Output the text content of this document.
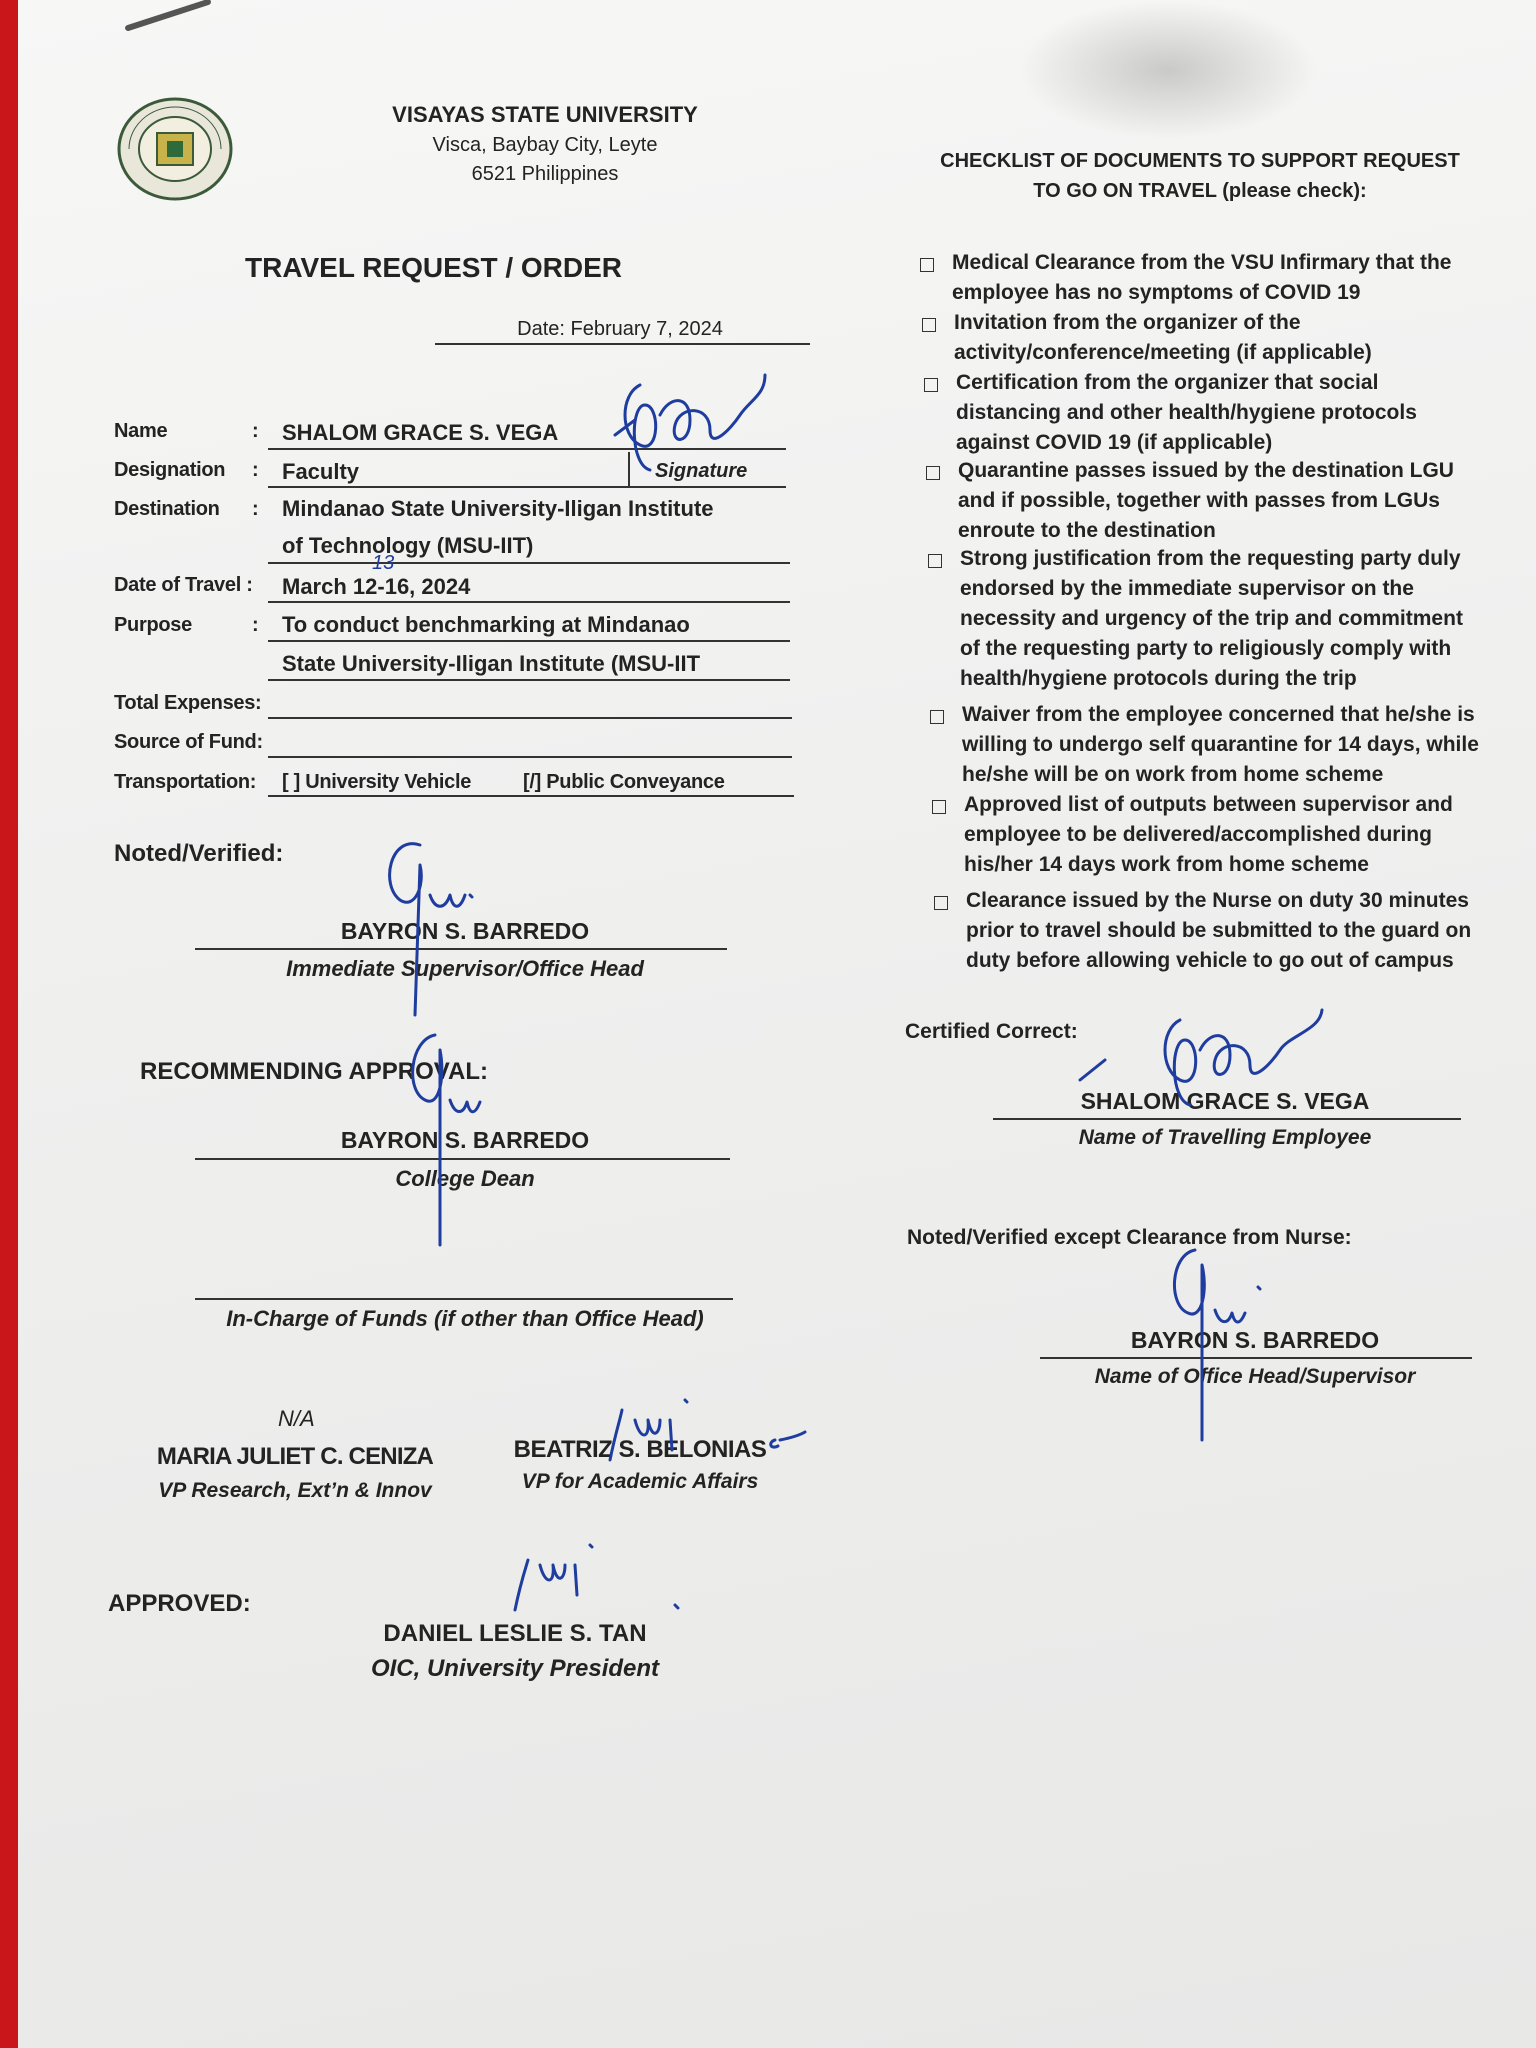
VISAYAS STATE UNIVERSITY
Visca, Baybay City, Leyte
6521 Philippines
TRAVEL REQUEST / ORDER
Date: February 7, 2024
Name	: SHALOM GRACE S. VEGA
Designation : Faculty	Signature
Destination : Mindanao State University-Iligan Institute
of Technology (MSU-IIT)
Date of Travel : March 12-16, 2024
13
Purpose	: To conduct benchmarking at Mindanao
State University-Iligan Institute (MSU-IIT
Total Expenses:
Source of Fund:
Transportation: [ ] University Vehicle	[/] Public Conveyance
Noted/Verified:
BAYRON S. BARREDO
Immediate Supervisor/Office Head
RECOMMENDING APPROVAL:
BAYRON S. BARREDO
College Dean
In-Charge of Funds (if other than Office Head)
N/A
MARIA JULIET C. CENIZA
VP Research, Ext’n & Innov
BEATRIZ S. BELONIAS
VP for Academic Affairs
APPROVED:
DANIEL LESLIE S. TAN
OIC, University President
CHECKLIST OF DOCUMENTS TO SUPPORT REQUEST
TO GO ON TRAVEL (please check):
Medical Clearance from the VSU Infirmary that the
employee has no symptoms of COVID 19
Invitation from the organizer of the
activity/conference/meeting (if applicable)
Certification from the organizer that social
distancing and other health/hygiene protocols
against COVID 19 (if applicable)
Quarantine passes issued by the destination LGU
and if possible, together with passes from LGUs
enroute to the destination
Strong justification from the requesting party duly
endorsed by the immediate supervisor on the
necessity and urgency of the trip and commitment
of the requesting party to religiously comply with
health/hygiene protocols during the trip
Waiver from the employee concerned that he/she is
willing to undergo self quarantine for 14 days, while
he/she will be on work from home scheme
Approved list of outputs between supervisor and
employee to be delivered/accomplished during
his/her 14 days work from home scheme
Clearance issued by the Nurse on duty 30 minutes
prior to travel should be submitted to the guard on
duty before allowing vehicle to go out of campus
Certified Correct:
SHALOM GRACE S. VEGA
Name of Travelling Employee
Noted/Verified except Clearance from Nurse:
BAYRON S. BARREDO
Name of Office Head/Supervisor
